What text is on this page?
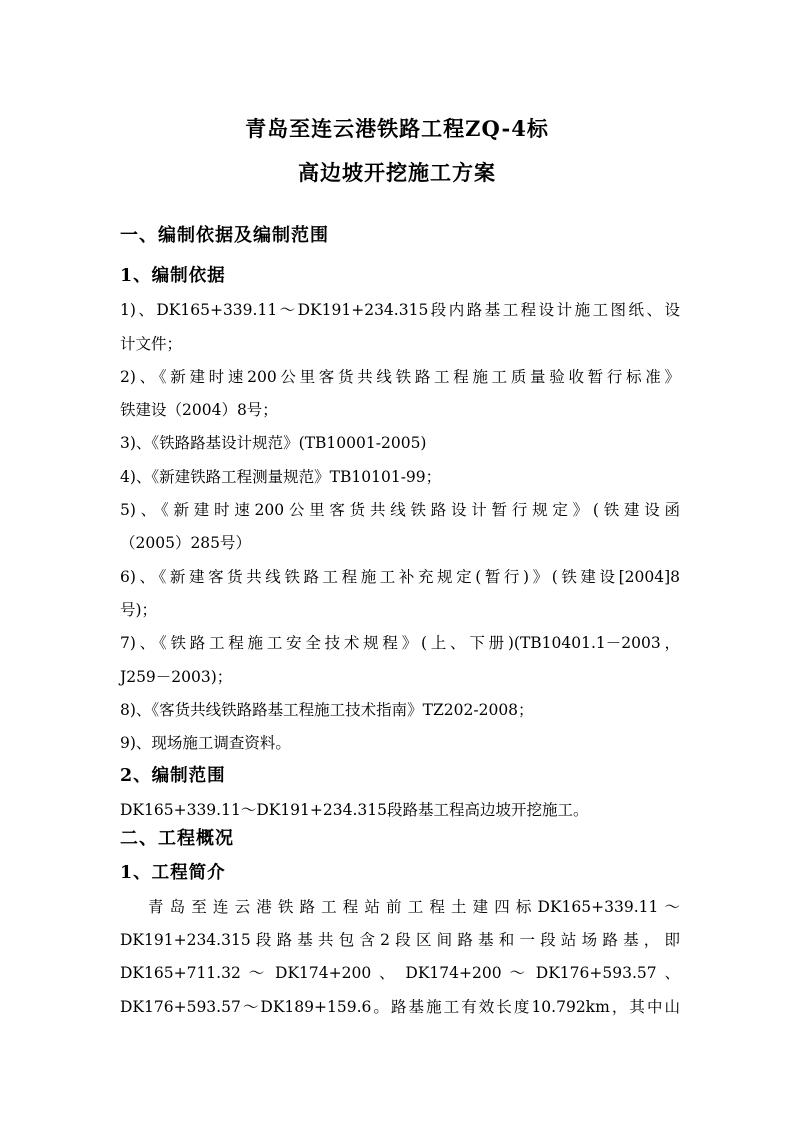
青岛至连云港铁路工程ZQ-4标
高边坡开挖施工方案
一、编制依据及编制范围
1、编制依据
1)、DK165+339.11～DK191+234.315段内路基工程设计施工图纸、设
计文件；
2)、《新建时速200公里客货共线铁路工程施工质量验收暂行标准》
铁建设（2004）8号；
3)、《铁路路基设计规范》(TB10001-2005)
4)、《新建铁路工程测量规范》TB10101-99；
5)、《新建时速200公里客货共线铁路设计暂行规定》(铁建设函
（2005）285号）
6)、《新建客货共线铁路工程施工补充规定(暂行)》(铁建设[2004]8
号)；
7)、《铁路工程施工安全技术规程》(上、下册)(TB10401.1－2003，
J259－2003)；
8)、《客货共线铁路路基工程施工技术指南》TZ202-2008；
9)、现场施工调查资料。
2、编制范围
DK165+339.11～DK191+234.315段路基工程高边坡开挖施工。
二、工程概况
1、工程简介
青岛至连云港铁路工程站前工程土建四标DK165+339.11～
DK191+234.315段路基共包含2段区间路基和一段站场路基，即
DK165+711.32 ～ DK174+200 、 DK174+200 ～ DK176+593.57 、
DK176+593.57～DK189+159.6。路基施工有效长度10.792km，其中山
